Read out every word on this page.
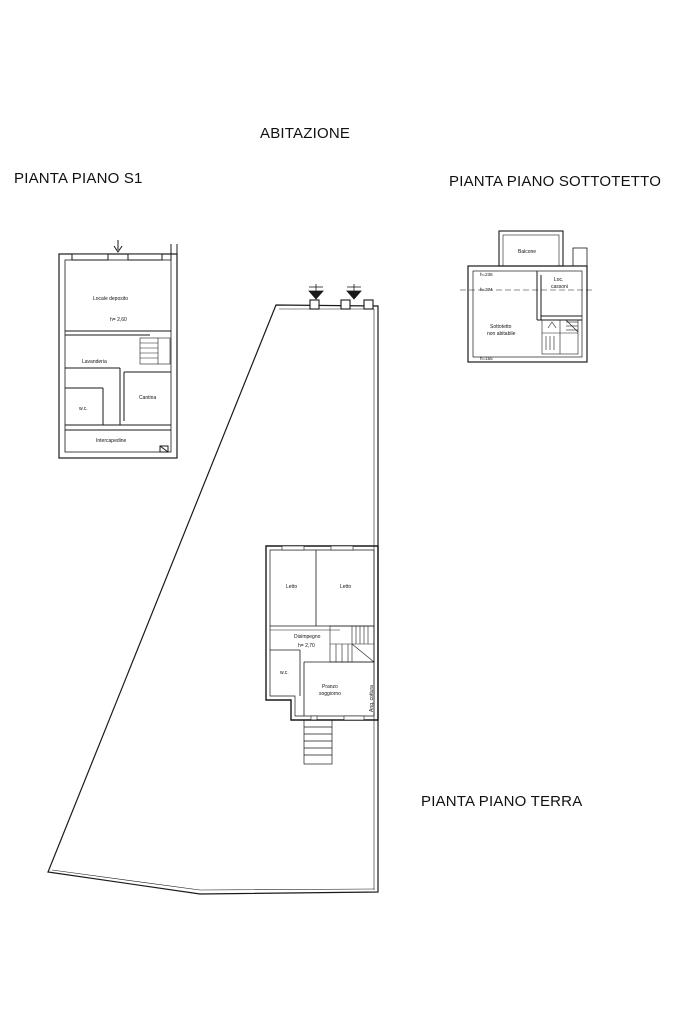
ABITAZIONE
PIANTA PIANO S1	PIANTA PIANO SOTTOTETTO
PIANTA PIANO TERRA
Locale deposito
h= 2,60
Lavanderia
w.c.
Cantina
Intercapedine
Balcone
Loc.
cassoni
Sottotetto
non abitabile
h=236
h=274
h=155
Letto	Letto
Disimpegno
h= 2,70
w.c.
Pranzo
soggiorno	Ang. cottura
